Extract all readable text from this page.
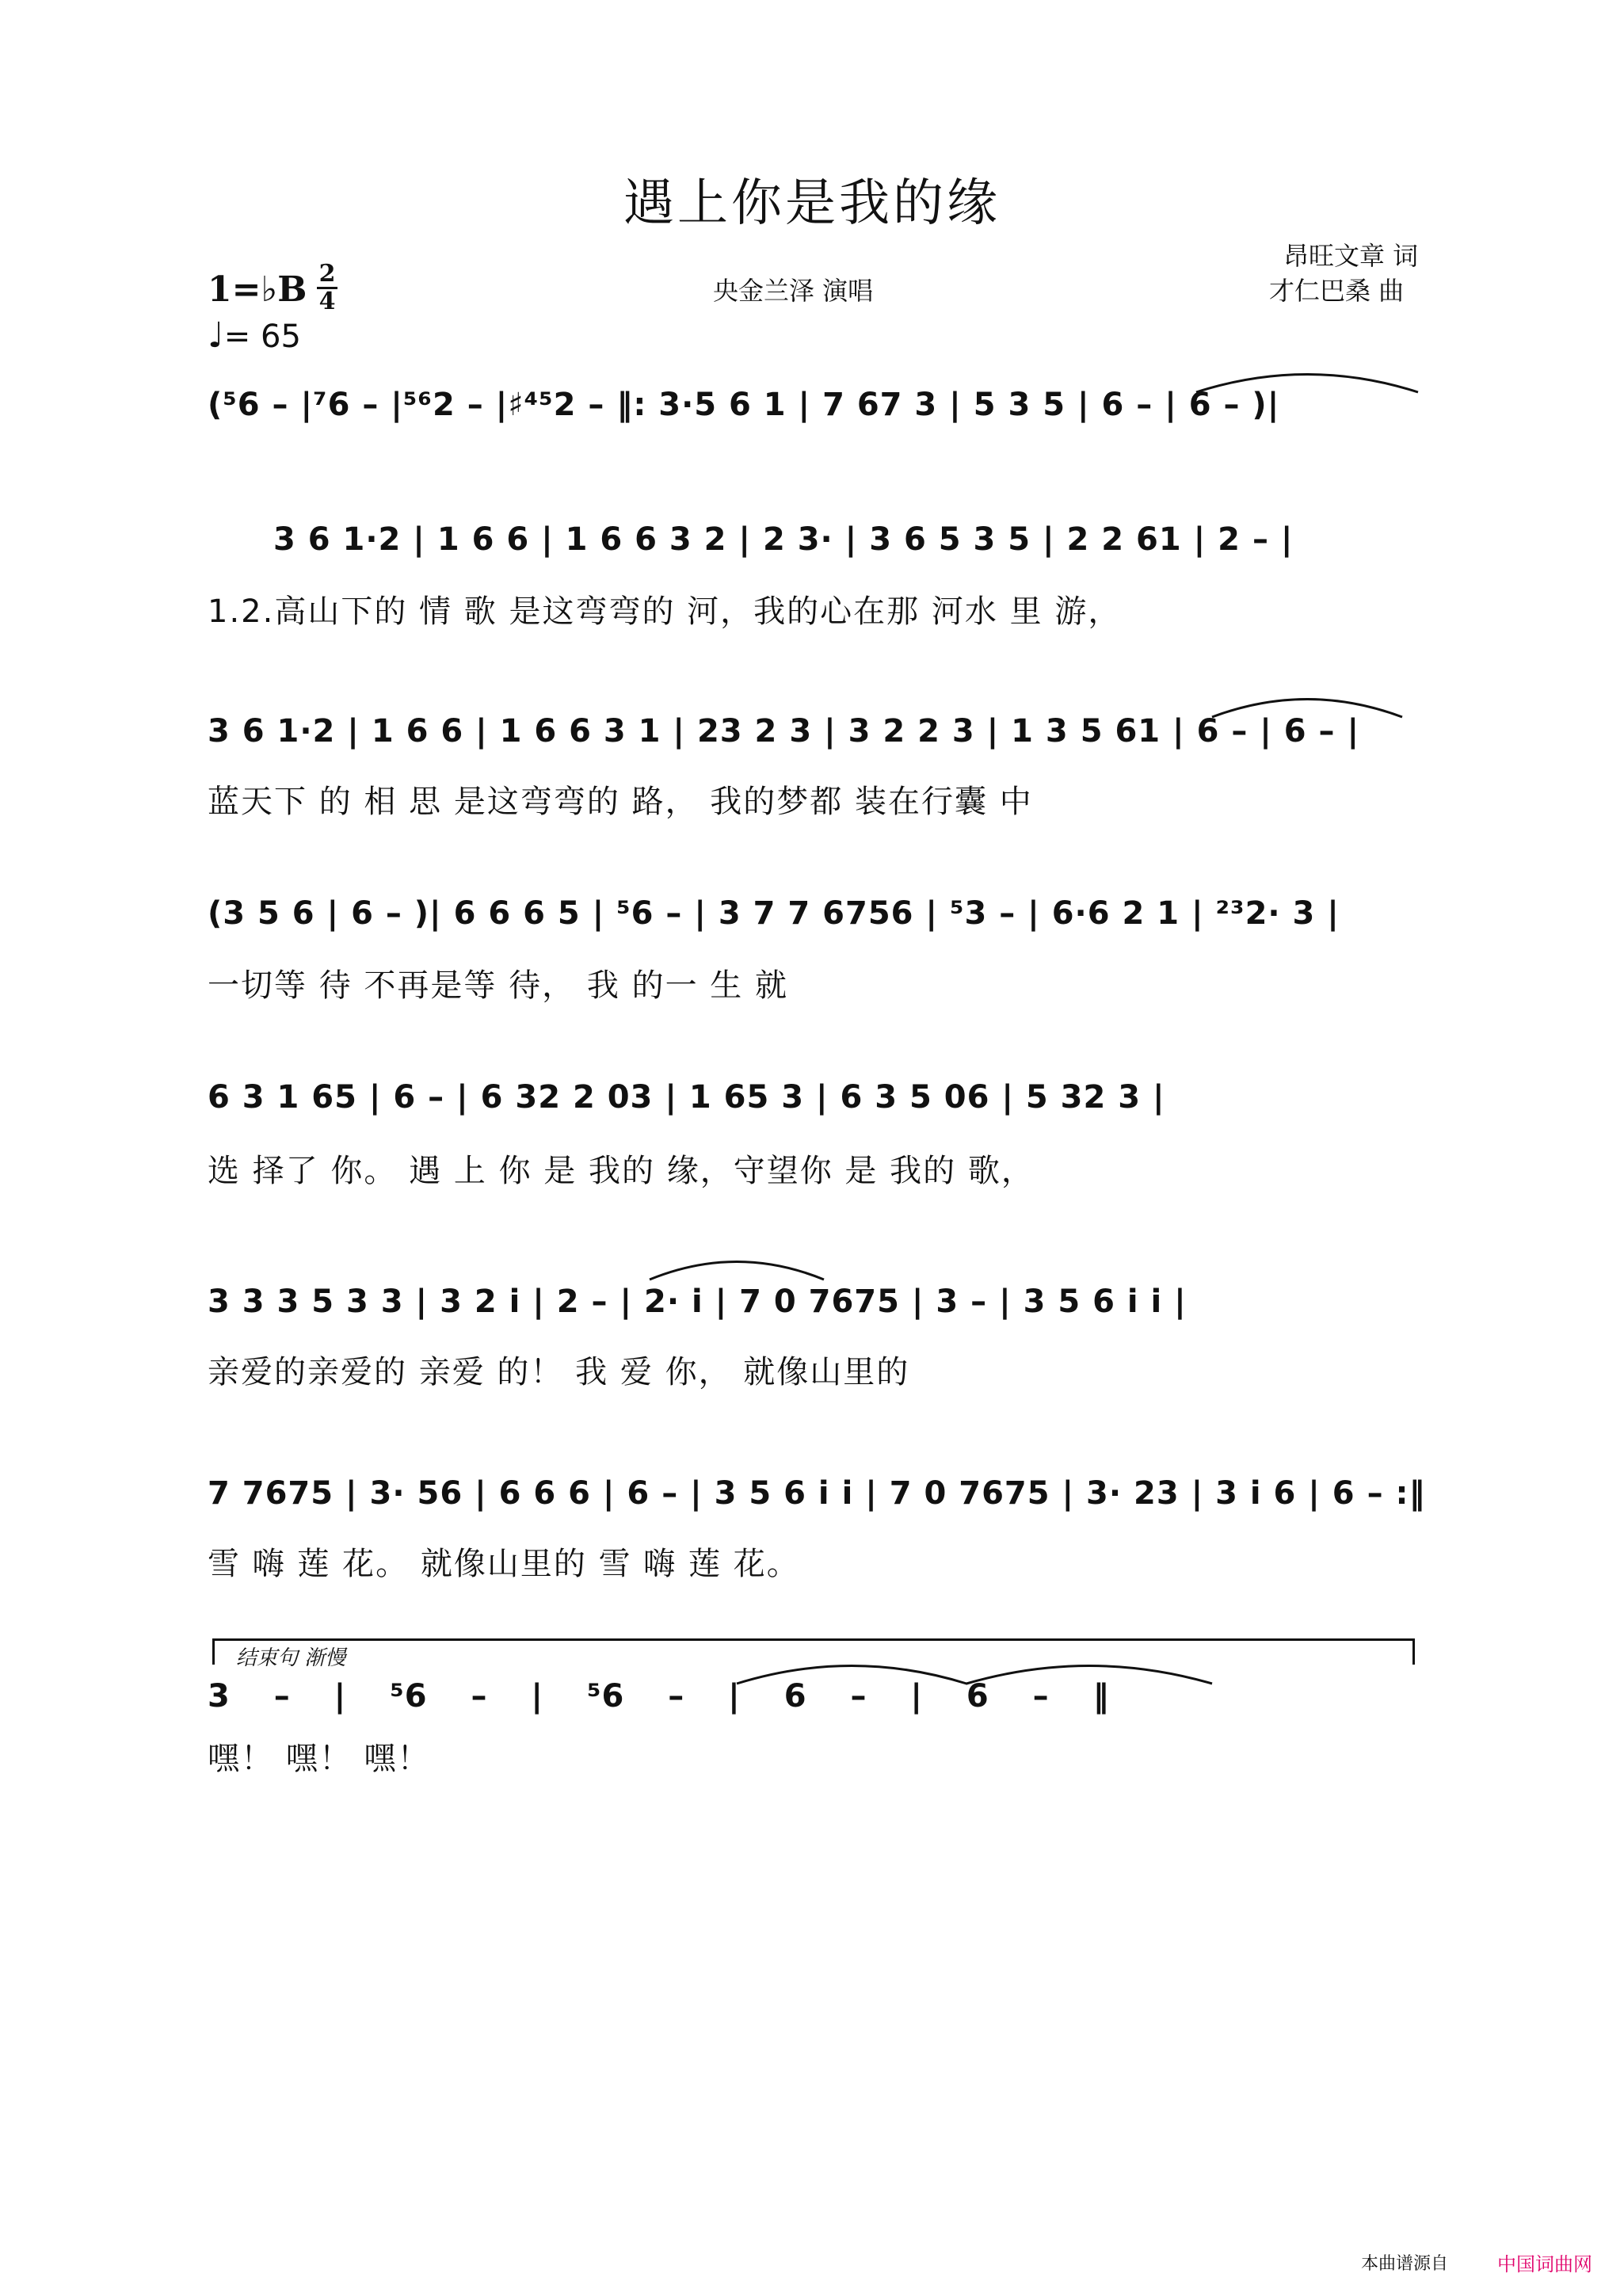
遇上你是我的缘
昂旺文章 词
才仁巴桑 曲
央金兰泽 演唱
1=♭B 2
4
♩= 65
(⁵6 – |⁷6 – |⁵⁶2 – |♯⁴⁵2 – ‖: 3·5 6 1 | 7 67 3 | 5 3 5 | 6 – | 6 – )|
3 6 1·2 | 1 6 6 | 1 6 6 3 2 | 2 3· | 3 6 5 3 5 | 2 2 61 | 2 – |
1.2.高山下的 情 歌 是这弯弯的 河，我的心在那 河水 里 游，
3 6 1·2 | 1 6 6 | 1 6 6 3 1 | 23 2 3 | 3 2 2 3 | 1 3 5 61 | 6 – | 6 – |
蓝天下 的 相 思 是这弯弯的 路， 我的梦都 装在行囊 中
(3 5 6 | 6 – )| 6 6 6 5 | ⁵6 – | 3 7 7 6756 | ⁵3 – | 6·6 2 1 | ²³2· 3 |
一切等 待 不再是等 待， 我 的一 生 就
6 3 1 65 | 6 – | 6 32 2 03 | 1 65 3 | 6 3 5 06 | 5 32 3 |
选 择了 你。 遇 上 你 是 我的 缘，守望你 是 我的 歌，
3 3 3 5 3 3 | 3 2 i | 2 – | 2· i | 7 0 7675 | 3 – | 3 5 6 i i |
亲爱的亲爱的 亲爱 的！ 我 爱 你， 就像山里的
7 7675 | 3· 56 | 6 6 6 | 6 – | 3 5 6 i i | 7 0 7675 | 3· 23 | 3 i 6 | 6 – :‖
雪 嗨 莲 花。 就像山里的 雪 嗨 莲 花。
结束句 渐慢
3 – | ⁵6 – | ⁵6 – | 6 – | 6 – ‖
嘿！ 嘿！ 嘿！
本曲谱源自	中国词曲网
